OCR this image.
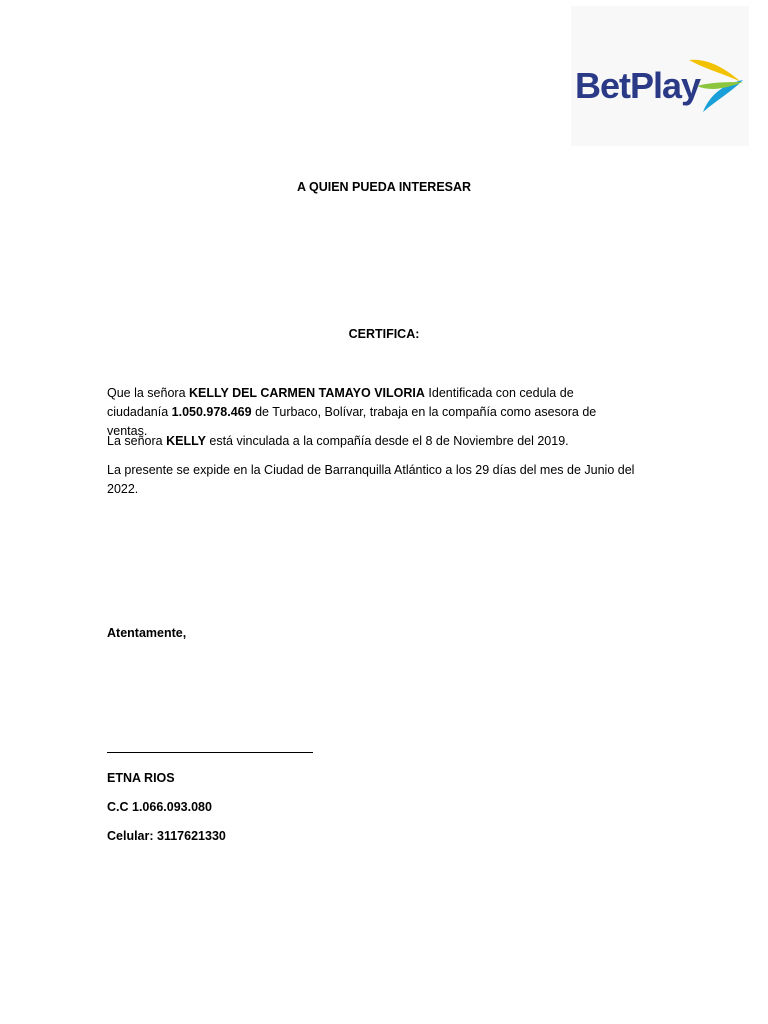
BetPlay
A QUIEN PUEDA INTERESAR
CERTIFICA:
Que la señora KELLY DEL CARMEN TAMAYO VILORIA Identificada con cedula de ciudadanía 1.050.978.469 de Turbaco, Bolívar, trabaja en la compañía como asesora de ventas.
La señora KELLY está vinculada a la compañía desde el 8 de Noviembre del 2019.
La presente se expide en la Ciudad de Barranquilla Atlántico a los 29 días del mes de Junio del 2022.
Atentamente,
ETNA RIOS
C.C 1.066.093.080
Celular: 3117621330
